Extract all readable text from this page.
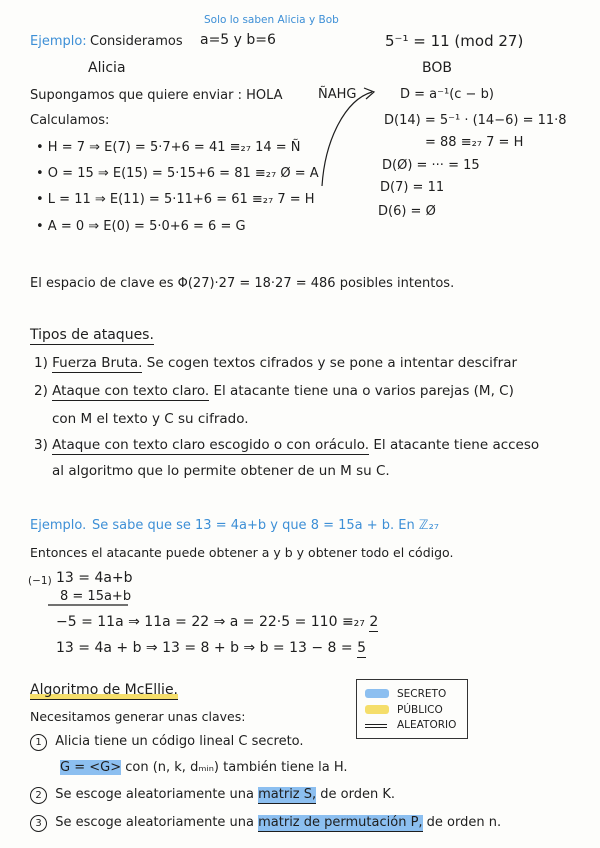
Solo lo saben Alicia y Bob
Ejemplo: Consideramos a=5 y b=6	5⁻¹ = 11 (mod 27)
Alicia
Supongamos que quiere enviar : HOLA
Calculamos:
• H = 7 ⇒ E(7) = 5·7+6 = 41 ≡₂₇ 14 = Ñ
• O = 15 ⇒ E(15) = 5·15+6 = 81 ≡₂₇ Ø = A
• L = 11 ⇒ E(11) = 5·11+6 = 61 ≡₂₇ 7 = H
• A = 0 ⇒ E(0) = 5·0+6 = 6 = G
BOB
ÑAHG	D = a⁻¹(c − b)
D(14) = 5⁻¹ · (14−6) = 11·8
= 88 ≡₂₇ 7 = H
D(Ø) = ··· = 15
D(7) = 11
D(6) = Ø
El espacio de clave es Φ(27)·27 = 18·27 = 486 posibles intentos.
Tipos de ataques.
1) Fuerza Bruta. Se cogen textos cifrados y se pone a intentar descifrar
2) Ataque con texto claro. El atacante tiene una o varios parejas (M, C)
con M el texto y C su cifrado.
3) Ataque con texto claro escogido o con oráculo. El atacante tiene acceso
al algoritmo que lo permite obtener de un M su C.
Ejemplo. Se sabe que se 13 = 4a+b y que 8 = 15a + b. En ℤ₂₇
Entonces el atacante puede obtener a y b y obtener todo el código.
(−1) 13 = 4a+b
8 = 15a+b
−5 = 11a ⇒ 11a = 22 ⇒ a = 22·5 = 110 ≡₂₇ 2
13 = 4a + b ⇒ 13 = 8 + b ⇒ b = 13 − 8 = 5
Algoritmo de McEllie.
Necesitamos generar unas claves:
1 Alicia tiene un código lineal C secreto.
G = <G> con (n, k, dₘᵢₙ) también tiene la H.
2 Se escoge aleatoriamente una matriz S, de orden K.
3 Se escoge aleatoriamente una matriz de permutación P, de orden n.
SECRETO
PÚBLICO
ALEATORIO
